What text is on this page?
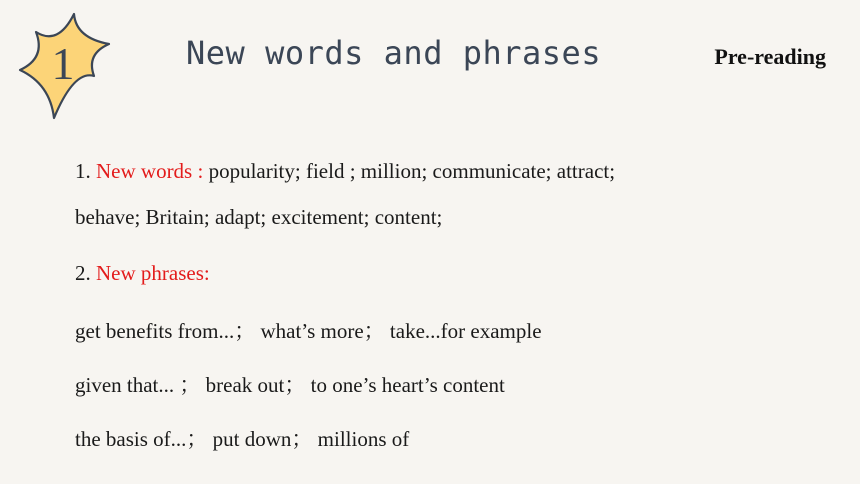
1	New words and phrases	Pre-reading
1. New words : popularity; field ; million; communicate; attract;
behave; Britain; adapt; excitement; content;
2. New phrases:
get benefits from...； what’s more； take...for example
given that... ； break out； to one’s heart’s content
the basis of...； put down； millions of
